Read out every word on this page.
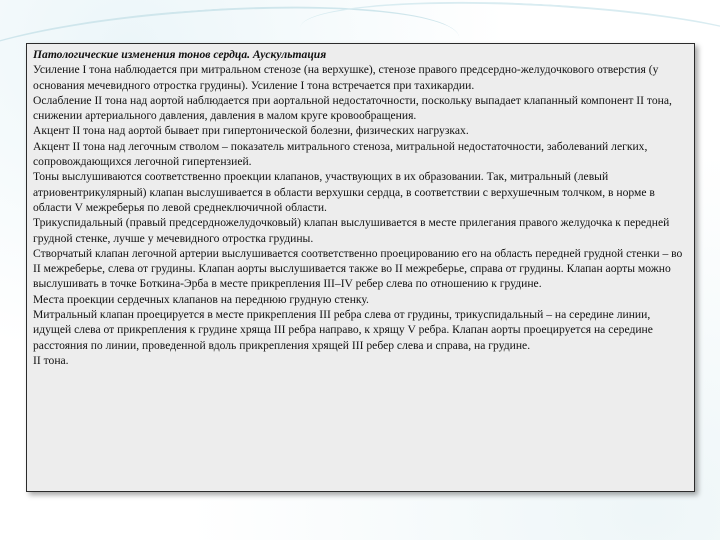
Патологические изменения тонов сердца. Аускультация

Усиление I тона наблюдается при митральном стенозе (на верхушке), стенозе правого предсердно-желудочкового отверстия (у основания мечевидного отростка грудины). Усиление I тона встречается при тахикардии.

Ослабление II тона над аортой наблюдается при аортальной недостаточности, поскольку выпадает клапанный компонент II тона, снижении артериального давления, давления в малом круге кровообращения.

Акцент II тона над аортой бывает при гипертонической болезни, физических нагрузках.

Акцент II тона над легочным стволом – показатель митрального стеноза, митральной недостаточности, заболеваний легких, сопровождающихся легочной гипертензией.

Тоны выслушиваются соответственно проекции клапанов, участвующих в их образовании. Так, митральный (левый атриовентрикулярный) клапан выслушивается в области верхушки сердца, в соответствии с верхушечным толчком, в норме в области V межреберья по левой среднеключичной области.

Трикуспидальный (правый предсердножелудочковый) клапан выслушивается в месте прилегания правого желудочка к передней грудной стенке, лучше у мечевидного отростка грудины.

Створчатый клапан легочной артерии выслушивается соответственно проецированию его на область передней грудной стенки – во II межреберье, слева от грудины. Клапан аорты выслушивается также во II межреберье, справа от грудины. Клапан аорты можно выслушивать в точке Боткина-Эрба в месте прикрепления III–IV ребер слева по отношению к грудине.

Места проекции сердечных клапанов на переднюю грудную стенку.

Митральный клапан проецируется в месте прикрепления III ребра слева от грудины, трикуспидальный – на середине линии, идущей слева от прикрепления к грудине хряща III ребра направо, к хрящу V ребра. Клапан аорты проецируется на середине расстояния по линии, проведенной вдоль прикрепления хрящей III ребер слева и справа, на грудине.

II тона.
